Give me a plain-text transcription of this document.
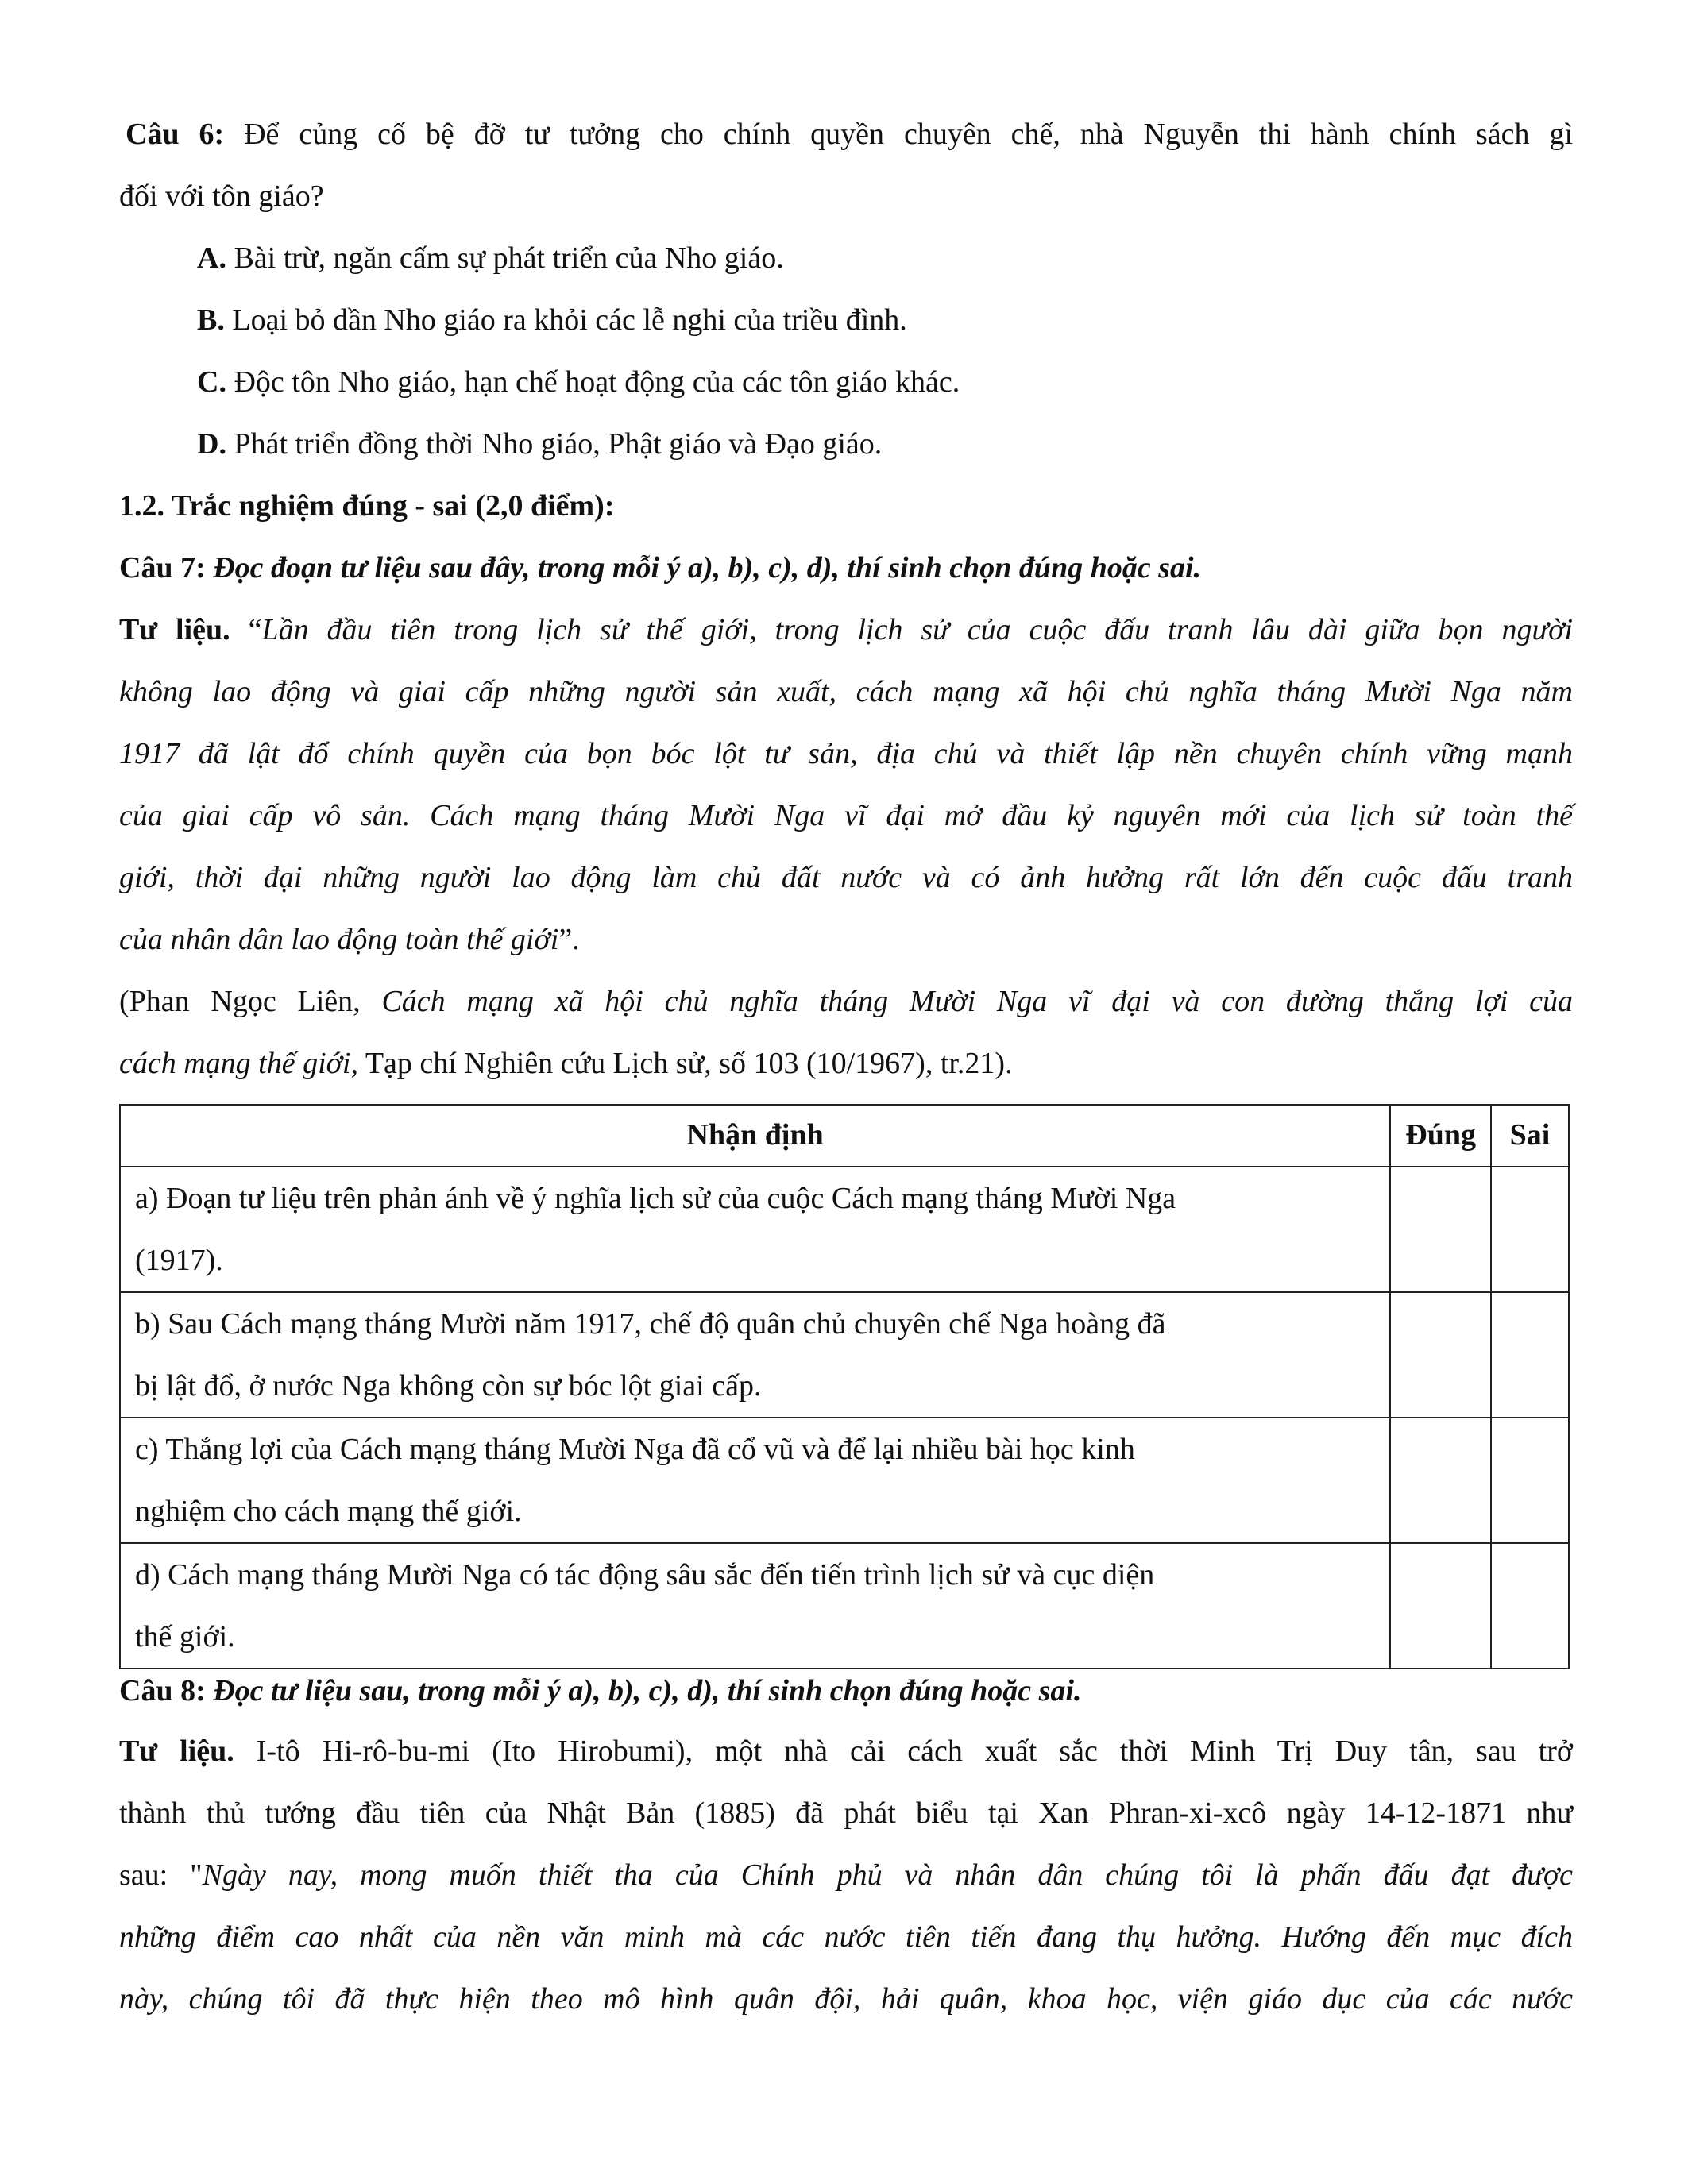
Câu 6: Để củng cố bệ đỡ tư tưởng cho chính quyền chuyên chế, nhà Nguyễn thi hành chính sách gì

đối với tôn giáo?

A. Bài trừ, ngăn cấm sự phát triển của Nho giáo.

B. Loại bỏ dần Nho giáo ra khỏi các lễ nghi của triều đình.

C. Độc tôn Nho giáo, hạn chế hoạt động của các tôn giáo khác.

D. Phát triển đồng thời Nho giáo, Phật giáo và Đạo giáo.

1.2. Trắc nghiệm đúng - sai (2,0 điểm):

Câu 7: Đọc đoạn tư liệu sau đây, trong mỗi ý a), b), c), d), thí sinh chọn đúng hoặc sai.

Tư liệu. “Lần đầu tiên trong lịch sử thế giới, trong lịch sử của cuộc đấu tranh lâu dài giữa bọn người

không lao động và giai cấp những người sản xuất, cách mạng xã hội chủ nghĩa tháng Mười Nga năm

1917 đã lật đổ chính quyền của bọn bóc lột tư sản, địa chủ và thiết lập nền chuyên chính vững mạnh

của giai cấp vô sản. Cách mạng tháng Mười Nga vĩ đại mở đầu kỷ nguyên mới của lịch sử toàn thế

giới, thời đại những người lao động làm chủ đất nước và có ảnh hưởng rất lớn đến cuộc đấu tranh

của nhân dân lao động toàn thế giới”.

(Phan Ngọc Liên, Cách mạng xã hội chủ nghĩa tháng Mười Nga vĩ đại và con đường thắng lợi của

cách mạng thế giới, Tạp chí Nghiên cứu Lịch sử, số 103 (10/1967), tr.21).

Nhận định	Đúng	Sai
a) Đoạn tư liệu trên phản ánh về ý nghĩa lịch sử của cuộc Cách mạng tháng Mười Nga
(1917).		
b) Sau Cách mạng tháng Mười năm 1917, chế độ quân chủ chuyên chế Nga hoàng đã
bị lật đổ, ở nước Nga không còn sự bóc lột giai cấp.		
c) Thắng lợi của Cách mạng tháng Mười Nga đã cổ vũ và để lại nhiều bài học kinh
nghiệm cho cách mạng thế giới.		
d) Cách mạng tháng Mười Nga có tác động sâu sắc đến tiến trình lịch sử và cục diện
thế giới.		

Câu 8: Đọc tư liệu sau, trong mỗi ý a), b), c), d), thí sinh chọn đúng hoặc sai.

Tư liệu. I-tô Hi-rô-bu-mi (Ito Hirobumi), một nhà cải cách xuất sắc thời Minh Trị Duy tân, sau trở

thành thủ tướng đầu tiên của Nhật Bản (1885) đã phát biểu tại Xan Phran-xi-xcô ngày 14-12-1871 như

sau: "Ngày nay, mong muốn thiết tha của Chính phủ và nhân dân chúng tôi là phấn đấu đạt được

những điểm cao nhất của nền văn minh mà các nước tiên tiến đang thụ hưởng. Hướng đến mục đích

này, chúng tôi đã thực hiện theo mô hình quân đội, hải quân, khoa học, viện giáo dục của các nước
